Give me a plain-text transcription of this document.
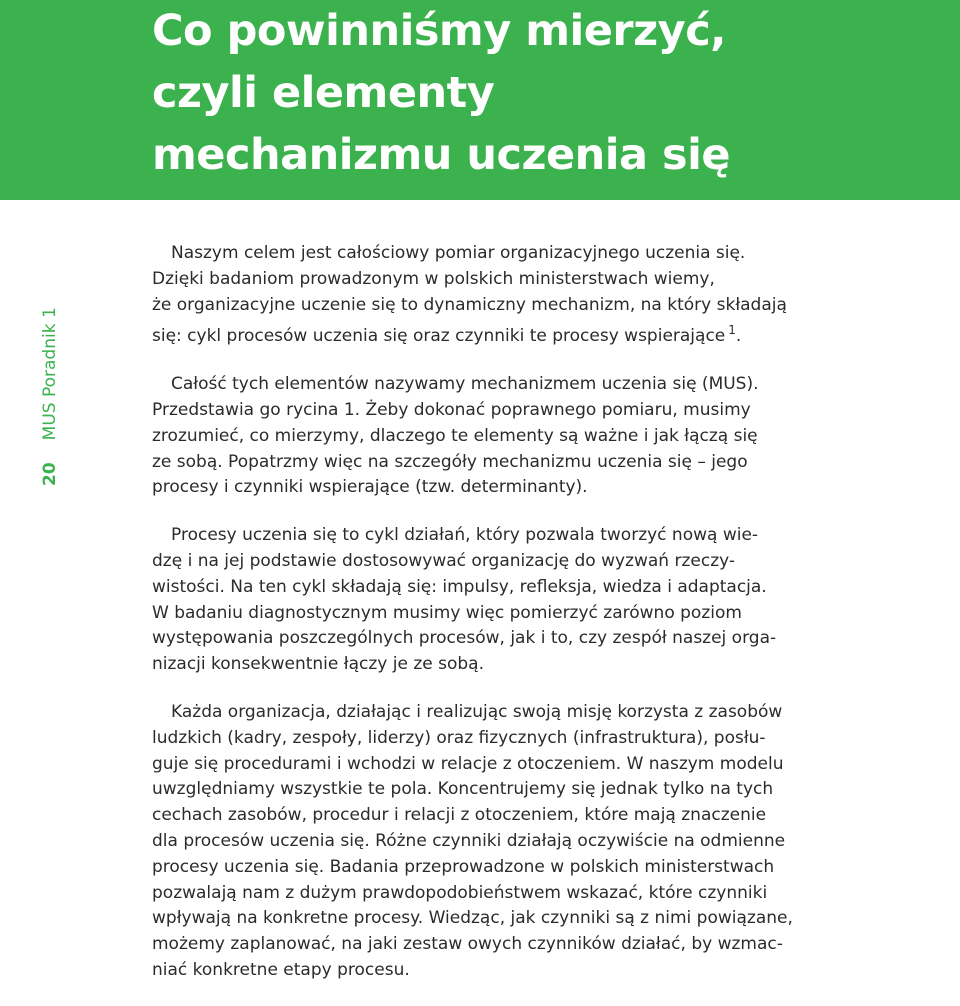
Co powinniśmy mierzyć,
czyli elementy
mechanizmu uczenia się
20
MUS Poradnik 1

Naszym celem jest całościowy pomiar organizacyjnego uczenia się.
Dzięki badaniom prowadzonym w polskich ministerstwach wiemy,
że organizacyjne uczenie się to dynamiczny mechanizm, na który składają
się: cykl procesów uczenia się oraz czynniki te procesy wspierające $^1$.

Całość tych elementów nazywamy mechanizmem uczenia się (MUS).
Przedstawia go rycina 1. Żeby dokonać poprawnego pomiaru, musimy
zrozumieć, co mierzymy, dlaczego te elementy są ważne i jak łączą się
ze sobą. Popatrzmy więc na szczegóły mechanizmu uczenia się – jego
procesy i czynniki wspierające (tzw. determinanty).

Procesy uczenia się to cykl działań, który pozwala tworzyć nową wie-
dzę i na jej podstawie dostosowywać organizację do wyzwań rzeczy-
wistości. Na ten cykl składają się: impulsy, refleksja, wiedza i adaptacja.
W badaniu diagnostycznym musimy więc pomierzyć zarówno poziom
występowania poszczególnych procesów, jak i to, czy zespół naszej orga-
nizacji konsekwentnie łączy je ze sobą.

Każda organizacja, działając i realizując swoją misję korzysta z zasobów
ludzkich (kadry, zespoły, liderzy) oraz fizycznych (infrastruktura), posłu-
guje się procedurami i wchodzi w relacje z otoczeniem. W naszym modelu
uwzględniamy wszystkie te pola. Koncentrujemy się jednak tylko na tych
cechach zasobów, procedur i relacji z otoczeniem, które mają znaczenie
dla procesów uczenia się. Różne czynniki działają oczywiście na odmienne
procesy uczenia się. Badania przeprowadzone w polskich ministerstwach
pozwalają nam z dużym prawdopodobieństwem wskazać, które czynniki
wpływają na konkretne procesy. Wiedząc, jak czynniki są z nimi powiązane,
możemy zaplanować, na jaki zestaw owych czynników działać, by wzmac-
niać konkretne etapy procesu.
